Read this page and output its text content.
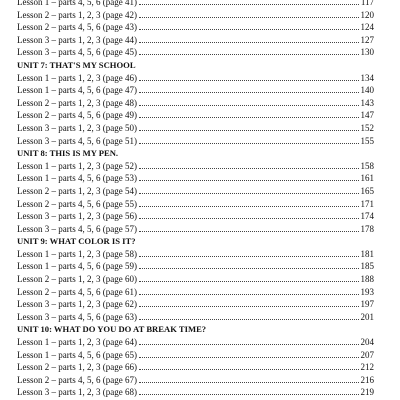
Lesson 1 – parts 4, 5, 6 (page 41)	117
Lesson 2 – parts 1, 2, 3 (page 42)	120
Lesson 2 – parts 4, 5, 6 (page 43)	124
Lesson 3 – parts 1, 2, 3 (page 44)	127
Lesson 3 – parts 4, 5, 6 (page 45)	130
UNIT 7: THAT'S MY SCHOOL
Lesson 1 – parts 1, 2, 3 (page 46)	134
Lesson 1 – parts 4, 5, 6 (page 47)	140
Lesson 2 – parts 1, 2, 3 (page 48)	143
Lesson 2 – parts 4, 5, 6 (page 49)	147
Lesson 3 – parts 1, 2, 3 (page 50)	152
Lesson 3 – parts 4, 5, 6 (page 51)	155
UNIT 8: THIS IS MY PEN.
Lesson 1 – parts 1, 2, 3 (page 52)	158
Lesson 1 – parts 4, 5, 6 (page 53)	161
Lesson 2 – parts 1, 2, 3 (page 54)	165
Lesson 2 – parts 4, 5, 6 (page 55)	171
Lesson 3 – parts 1, 2, 3 (page 56)	174
Lesson 3 – parts 4, 5, 6 (page 57)	178
UNIT 9: WHAT COLOR IS IT?
Lesson 1 – parts 1, 2, 3 (page 58)	181
Lesson 1 – parts 4, 5, 6 (page 59)	185
Lesson 2 – parts 1, 2, 3 (page 60)	188
Lesson 2 – parts 4, 5, 6 (page 61)	193
Lesson 3 – parts 1, 2, 3 (page 62)	197
Lesson 3 – parts 4, 5, 6 (page 63)	201
UNIT 10: WHAT DO YOU DO AT BREAK TIME?
Lesson 1 – parts 1, 2, 3 (page 64)	204
Lesson 1 – parts 4, 5, 6 (page 65)	207
Lesson 2 – parts 1, 2, 3 (page 66)	212
Lesson 2 – parts 4, 5, 6 (page 67)	216
Lesson 3 – parts 1, 2, 3 (page 68)	219
